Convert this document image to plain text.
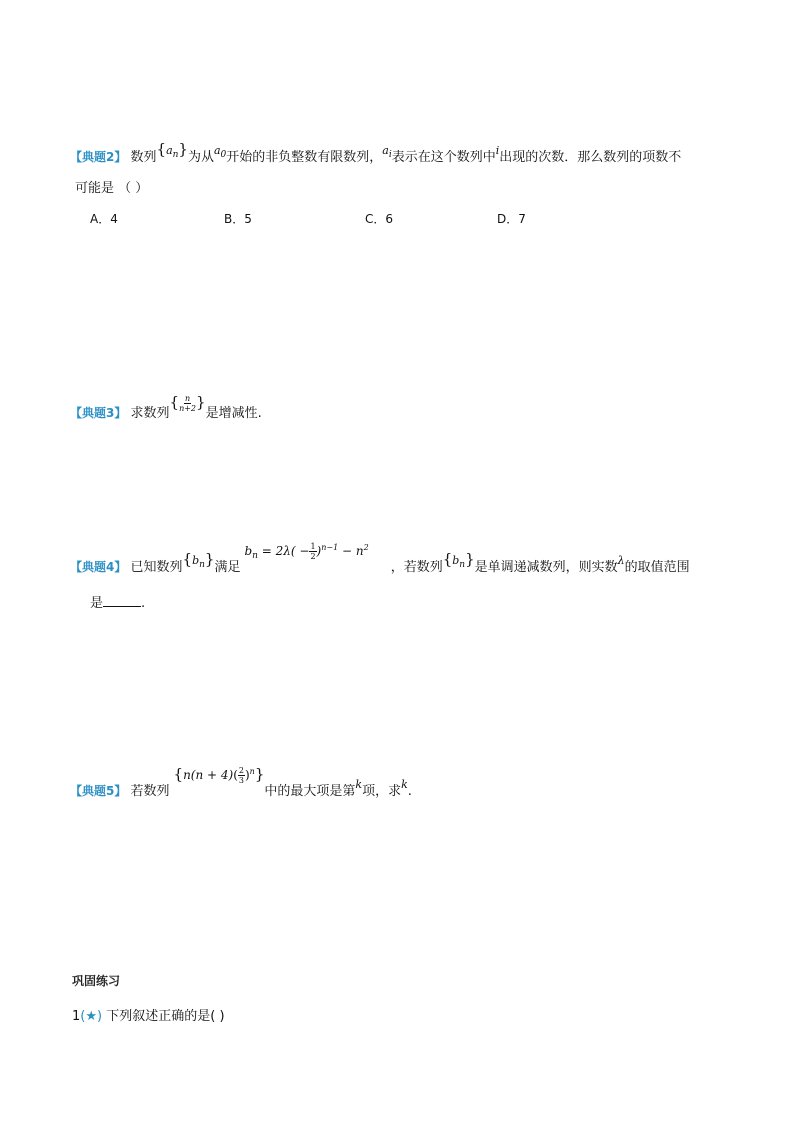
【典题2】 数列$^{\{a_n\}}$为从$^{a_0}$开始的非负整数有限数列，$^{a_i}$表示在这个数列中$^i$出现的次数．那么数列的项数不
可能是 （ ）
A．4	B．5	C．6	D．7
【典题3】 求数列{ $\frac{n}{n+2}$ }是增减性.
【典题4】 已知数列$^{\{b_n\}}$满足$b_n = 2\lambda( - \frac{1}{2} )^{n-1} - n^2$，若数列$^{\{b_n\}}$是单调递减数列，则实数$^\lambda$的取值范围
是	.
【典题5】 若数列$\{n(n + 4)( \frac{2}{3} )^n\}$中的最大项是第$^k$项，求$^k$.
巩固练习
1(★) 下列叙述正确的是( )
